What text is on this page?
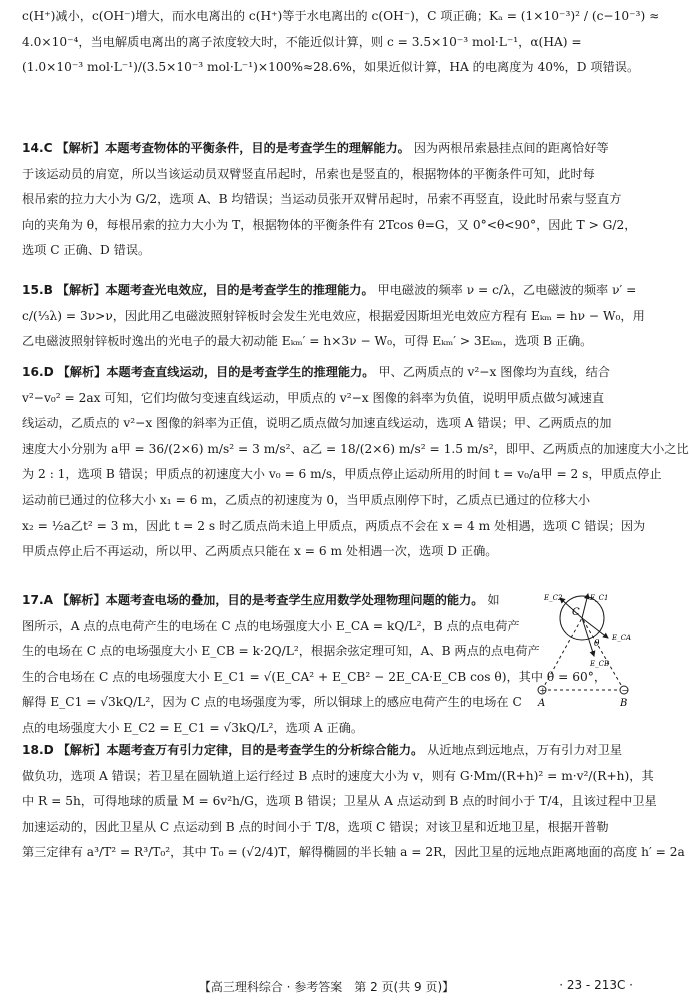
c(H⁺)减小，c(OH⁻)增大，而水电离出的 c(H⁺)等于水电离出的 c(OH⁻)，C 项正确；Kₐ = (1×10⁻³)² / (c−10⁻³) ≈
4.0×10⁻⁴，当电解质电离出的离子浓度较大时，不能近似计算，则 c = 3.5×10⁻³ mol·L⁻¹，α(HA) =
(1.0×10⁻³ mol·L⁻¹)/(3.5×10⁻³ mol·L⁻¹)×100%≈28.6%，如果近似计算，HA 的电离度为 40%，D 项错误。
14.C 【解析】本题考查物体的平衡条件，目的是考查学生的理解能力。 因为两根吊索悬挂点间的距离恰好等
于该运动员的肩宽，所以当该运动员双臂竖直吊起时，吊索也是竖直的，根据物体的平衡条件可知，此时每
根吊索的拉力大小为 G/2，选项 A、B 均错误；当运动员张开双臂吊起时，吊索不再竖直，设此时吊索与竖直方
向的夹角为 θ，每根吊索的拉力大小为 T，根据物体的平衡条件有 2Tcos θ=G，又 0°<θ<90°，因此 T > G/2，
选项 C 正确、D 错误。
15.B 【解析】本题考查光电效应，目的是考查学生的推理能力。 甲电磁波的频率 ν = c/λ，乙电磁波的频率 ν′ =
c/(⅓λ) = 3ν>ν，因此用乙电磁波照射锌板时会发生光电效应，根据爱因斯坦光电效应方程有 Eₖₘ = hν − W₀，用
乙电磁波照射锌板时逸出的光电子的最大初动能 Eₖₘ′ = h×3ν − W₀，可得 Eₖₘ′ > 3Eₖₘ，选项 B 正确。
16.D 【解析】本题考查直线运动，目的是考查学生的推理能力。 甲、乙两质点的 v²−x 图像均为直线，结合
v²−v₀² = 2ax 可知，它们均做匀变速直线运动，甲质点的 v²−x 图像的斜率为负值，说明甲质点做匀减速直
线运动，乙质点的 v²−x 图像的斜率为正值，说明乙质点做匀加速直线运动，选项 A 错误；甲、乙两质点的加
速度大小分别为 a甲 = 36/(2×6) m/s² = 3 m/s²、a乙 = 18/(2×6) m/s² = 1.5 m/s²，即甲、乙两质点的加速度大小之比
为 2 : 1，选项 B 错误；甲质点的初速度大小 v₀ = 6 m/s，甲质点停止运动所用的时间 t = v₀/a甲 = 2 s，甲质点停止
运动前已通过的位移大小 x₁ = 6 m，乙质点的初速度为 0，当甲质点刚停下时，乙质点已通过的位移大小
x₂ = ½a乙t² = 3 m，因此 t = 2 s 时乙质点尚未追上甲质点，两质点不会在 x = 4 m 处相遇，选项 C 错误；因为
甲质点停止后不再运动，所以甲、乙两质点只能在 x = 6 m 处相遇一次，选项 D 正确。
17.A 【解析】本题考查电场的叠加，目的是考查学生应用数学处理物理问题的能力。 如
图所示，A 点的点电荷产生的电场在 C 点的电场强度大小 E_CA = kQ/L²，B 点的点电荷产
生的电场在 C 点的电场强度大小 E_CB = k·2Q/L²，根据余弦定理可知，A、B 两点的点电荷产
生的合电场在 C 点的电场强度大小 E_C1 = √(E_CA² + E_CB² − 2E_CA·E_CB cos θ)，其中 θ = 60°，
解得 E_C1 = √3kQ/L²，因为 C 点的电场强度为零，所以铜球上的感应电荷产生的电场在 C
点的电场强度大小 E_C2 = E_C1 = √3kQ/L²，选项 A 正确。
+	−
A	B
C
θ
E_C1
E_C2
E_CA
E_CB
18.D 【解析】本题考查万有引力定律，目的是考查学生的分析综合能力。 从近地点到远地点，万有引力对卫星
做负功，选项 A 错误；若卫星在圆轨道上运行经过 B 点时的速度大小为 v，则有 G·Mm/(R+h)² = m·v²/(R+h)，其
中 R = 5h，可得地球的质量 M = 6v²h/G，选项 B 错误；卫星从 A 点运动到 B 点的时间小于 T/4，且该过程中卫星
加速运动的，因此卫星从 C 点运动到 B 点的时间小于 T/8，选项 C 错误；对该卫星和近地卫星，根据开普勒
第三定律有 a³/T² = R³/T₀²，其中 T₀ = (√2/4)T，解得椭圆的半长轴 a = 2R，因此卫星的远地点距离地面的高度 h′ = 2a
【高三理科综合 · 参考答案　第 2 页(共 9 页)】	· 23 - 213C ·
